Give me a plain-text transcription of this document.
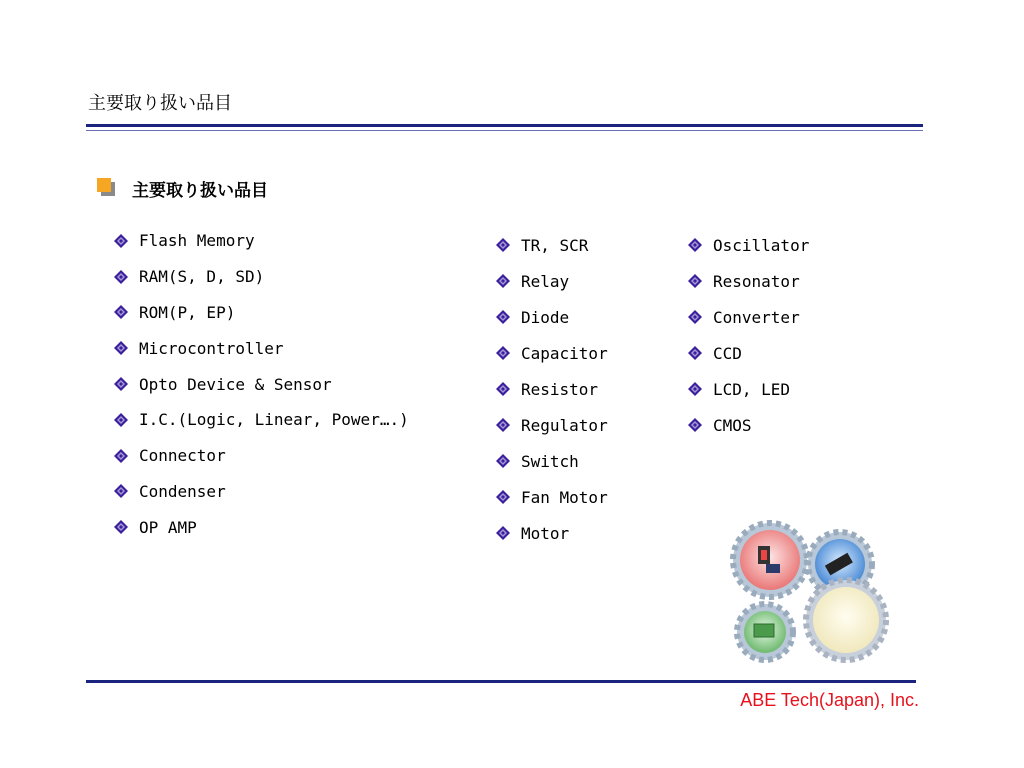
主要取り扱い品目
主要取り扱い品目
Flash Memory
RAM(S, D, SD)
ROM(P, EP)
Microcontroller
Opto Device & Sensor
I.C.(Logic, Linear, Power….)
Connector
Condenser
OP AMP
TR, SCR
Relay
Diode
Capacitor
Resistor
Regulator
Switch
Fan Motor
Motor
Oscillator
Resonator
Converter
CCD
LCD, LED
CMOS
ABE Tech(Japan), Inc.
